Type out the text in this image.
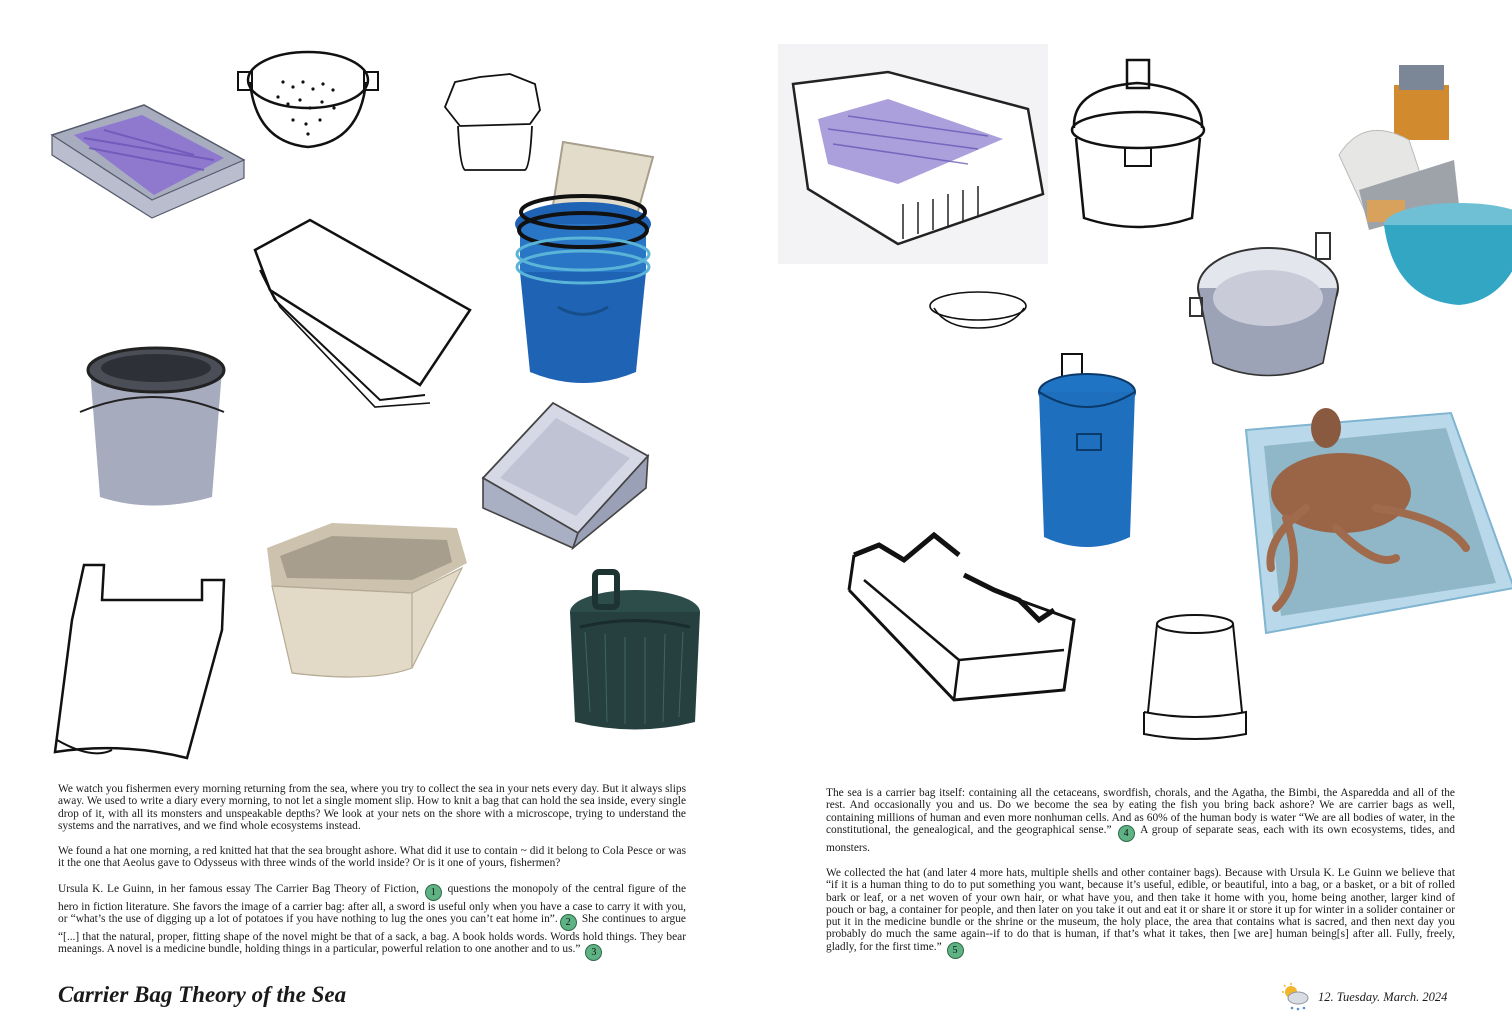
We watch you fishermen every morning returning from the sea, where you try to collect the sea in your nets every day. But it always slips away. We used to write a diary every morning, to not let a single moment slip. How to knit a bag that can hold the sea inside, every single drop of it, with all its monsters and unspeakable depths? We look at your nets on the shore with a microscope, trying to understand the systems and the narratives, and we find whole ecosystems instead.

We found a hat one morning, a red knitted hat that the sea brought ashore. What did it use to contain ~ did it belong to Cola Pesce or was it the one that Aeolus gave to Odysseus with three winds of the world inside? Or is it one of yours, fishermen?

Ursula K. Le Guinn, in her famous essay The Carrier Bag Theory of Fiction, 1 questions the monopoly of the central figure of the hero in fiction literature. She favors the image of a carrier bag: after all, a sword is useful only when you have a case to carry it with you, or “what’s the use of digging up a lot of potatoes if you have nothing to lug the ones you can’t eat home in”. 2 She continues to argue “[...] that the natural, proper, fitting shape of the novel might be that of a sack, a bag. A book holds words. Words hold things. They bear meanings. A novel is a medicine bundle, holding things in a particular, powerful relation to one another and to us.” 3

Carrier Bag Theory of the Sea

The sea is a carrier bag itself: containing all the cetaceans, swordfish, chorals, and the Agatha, the Bimbi, the Asparedda and all of the rest. And occasionally you and us. Do we become the sea by eating the fish you bring back ashore? We are carrier bags as well, containing millions of human and even more nonhuman cells. And as 60% of the human body is water “We are all bodies of water, in the constitutional, the genealogical, and the geographical sense.” 4 A group of separate seas, each with its own ecosystems, tides, and monsters.

We collected the hat (and later 4 more hats, multiple shells and other container bags). Because with Ursula K. Le Guinn we believe that “if it is a human thing to do to put something you want, because it’s useful, edible, or beautiful, into a bag, or a basket, or a bit of rolled bark or leaf, or a net woven of your own hair, or what have you, and then take it home with you, home being another, larger kind of pouch or bag, a container for people, and then later on you take it out and eat it or share it or store it up for winter in a solider container or put it in the medicine bundle or the shrine or the museum, the holy place, the area that contains what is sacred, and then next day you probably do much the same again--if to do that is human, if that’s what it takes, then [we are] human being[s] after all. Fully, freely, gladly, for the first time.” 5

12. Tuesday. March. 2024
